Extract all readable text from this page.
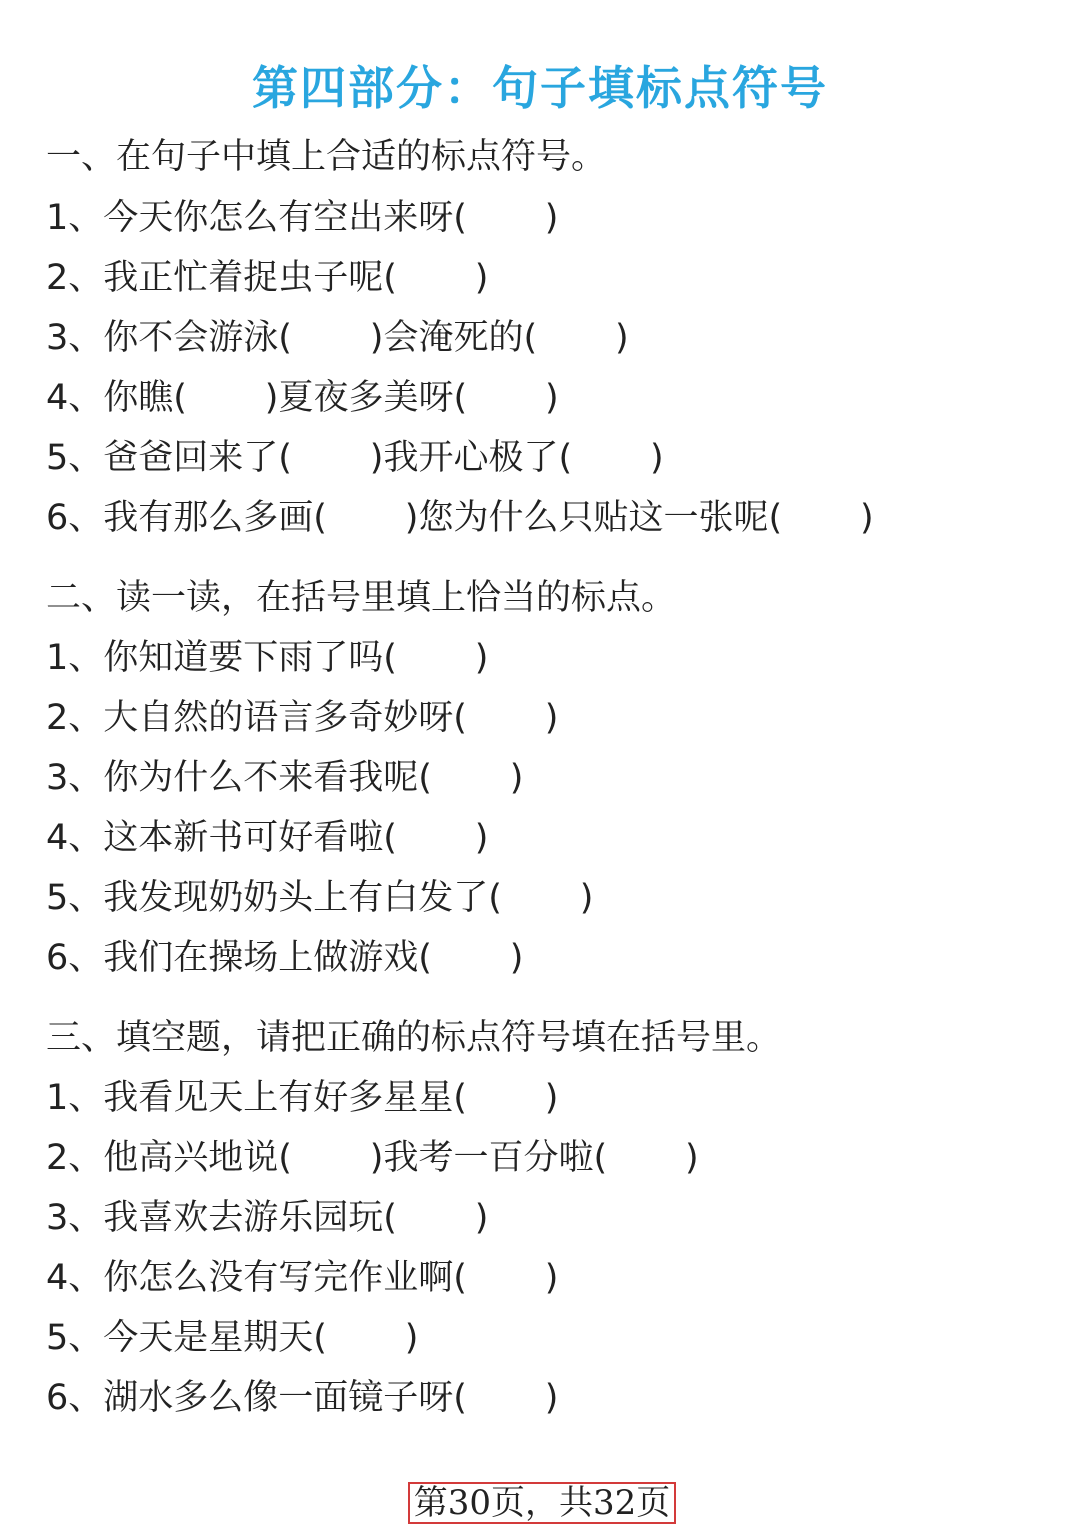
第四部分：句子填标点符号
一、在句子中填上合适的标点符号。
1、今天你怎么有空出来呀(       )
2、我正忙着捉虫子呢(       )
3、你不会游泳(       )会淹死的(       )
4、你瞧(       )夏夜多美呀(       )
5、爸爸回来了(       )我开心极了(       )
6、我有那么多画(       )您为什么只贴这一张呢(       )
二、读一读，在括号里填上恰当的标点。
1、你知道要下雨了吗(       )
2、大自然的语言多奇妙呀(       )
3、你为什么不来看我呢(       )
4、这本新书可好看啦(       )
5、我发现奶奶头上有白发了(       )
6、我们在操场上做游戏(       )
三、填空题，请把正确的标点符号填在括号里。
1、我看见天上有好多星星(       )
2、他高兴地说(       )我考一百分啦(       )
3、我喜欢去游乐园玩(       )
4、你怎么没有写完作业啊(       )
5、今天是星期天(       )
6、湖水多么像一面镜子呀(       )
第30页，共32页
